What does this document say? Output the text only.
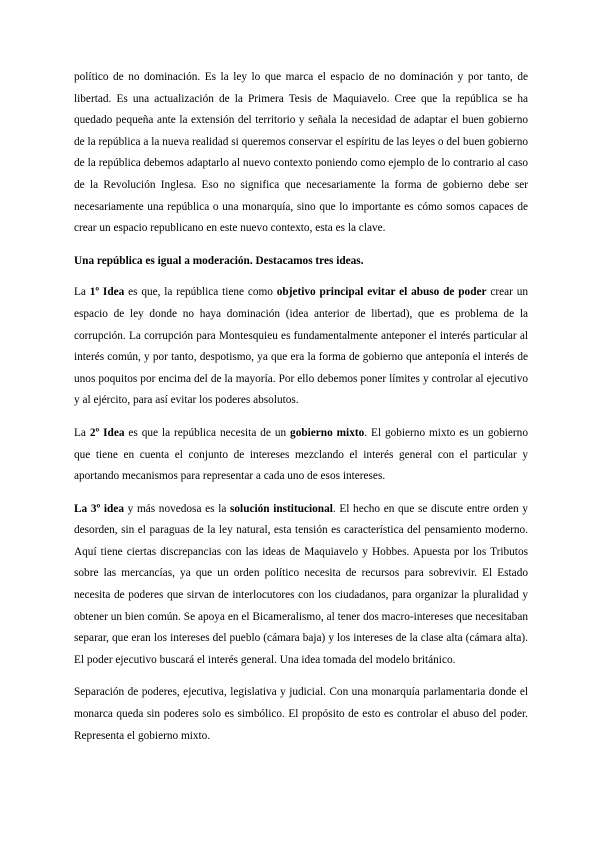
político de no dominación. Es la ley lo que marca el espacio de no dominación y por tanto, de libertad. Es una actualización de la Primera Tesis de Maquiavelo. Cree que la república se ha quedado pequeña ante la extensión del territorio y señala la necesidad de adaptar el buen gobierno de la república a la nueva realidad si queremos conservar el espíritu de las leyes o del buen gobierno de la república debemos adaptarlo al nuevo contexto poniendo como ejemplo de lo contrario al caso de la Revolución Inglesa. Eso no significa que necesariamente la forma de gobierno debe ser necesariamente una república o una monarquía, sino que lo importante es cómo somos capaces de crear un espacio republicano en este nuevo contexto, esta es la clave.

Una república es igual a moderación. Destacamos tres ideas.

La 1º Idea es que, la república tiene como objetivo principal evitar el abuso de poder crear un espacio de ley donde no haya dominación (idea anterior de libertad), que es problema de la corrupción. La corrupción para Montesquieu es fundamentalmente anteponer el interés particular al interés común, y por tanto, despotismo, ya que era la forma de gobierno que anteponía el interés de unos poquitos por encima del de la mayoría. Por ello debemos poner límites y controlar al ejecutivo y al ejército, para así evitar los poderes absolutos.

La 2º Idea es que la república necesita de un gobierno mixto. El gobierno mixto es un gobierno que tiene en cuenta el conjunto de intereses mezclando el interés general con el particular y aportando mecanismos para representar a cada uno de esos intereses.

La 3º idea y más novedosa es la solución institucional. El hecho en que se discute entre orden y desorden, sin el paraguas de la ley natural, esta tensión es característica del pensamiento moderno. Aquí tiene ciertas discrepancias con las ideas de Maquiavelo y Hobbes. Apuesta por los Tributos sobre las mercancías, ya que un orden político necesita de recursos para sobrevivir. El Estado necesita de poderes que sirvan de interlocutores con los ciudadanos, para organizar la pluralidad y obtener un bien común. Se apoya en el Bicameralismo, al tener dos macro-intereses que necesitaban separar, que eran los intereses del pueblo (cámara baja) y los intereses de la clase alta (cámara alta). El poder ejecutivo buscará el interés general. Una idea tomada del modelo británico.

Separación de poderes, ejecutiva, legislativa y judicial. Con una monarquía parlamentaria donde el monarca queda sin poderes solo es simbólico. El propósito de esto es controlar el abuso del poder. Representa el gobierno mixto.
